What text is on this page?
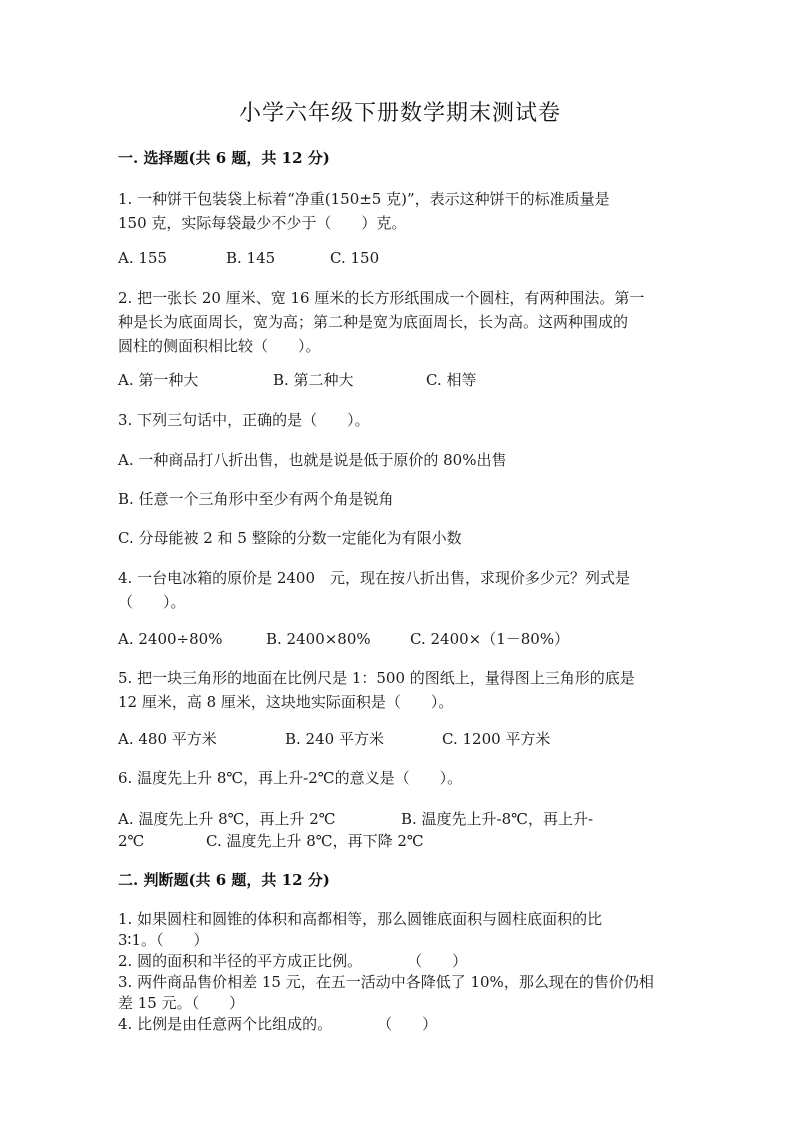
小学六年级下册数学期末测试卷
一. 选择题(共 6 题，共 12 分)
1. 一种饼干包装袋上标着“净重(150±5 克)”，表示这种饼干的标准质量是
150 克，实际每袋最少不少于（　　）克。
A. 155	B. 145	C. 150
2. 把一张长 20 厘米、宽 16 厘米的长方形纸围成一个圆柱，有两种围法。第一
种是长为底面周长，宽为高；第二种是宽为底面周长，长为高。这两种围成的
圆柱的侧面积相比较（　　）。
A. 第一种大	B. 第二种大	C. 相等
3. 下列三句话中，正确的是（　　）。
A. 一种商品打八折出售，也就是说是低于原价的 80%出售
B. 任意一个三角形中至少有两个角是锐角
C. 分母能被 2 和 5 整除的分数一定能化为有限小数
4. 一台电冰箱的原价是 2400　元，现在按八折出售，求现价多少元？列式是
（　　）。
A. 2400÷80%	B. 2400×80%	C. 2400×（1－80%）
5. 把一块三角形的地面在比例尺是 1：500 的图纸上，量得图上三角形的底是
12 厘米，高 8 厘米，这块地实际面积是（　　）。
A. 480 平方米	B. 240 平方米	C. 1200 平方米
6. 温度先上升 8℃，再上升-2℃的意义是（　　）。
A. 温度先上升 8℃，再上升 2℃	B. 温度先上升-8℃，再上升-
2℃	C. 温度先上升 8℃，再下降 2℃
二. 判断题(共 6 题，共 12 分)
1. 如果圆柱和圆锥的体积和高都相等，那么圆锥底面积与圆柱底面积的比
3∶1。（　　）
2. 圆的面积和半径的平方成正比例。　　　　（　　）
3. 两件商品售价相差 15 元，在五一活动中各降低了 10%，那么现在的售价仍相
差 15 元。（　　）
4. 比例是由任意两个比组成的。　　　　（　　）
